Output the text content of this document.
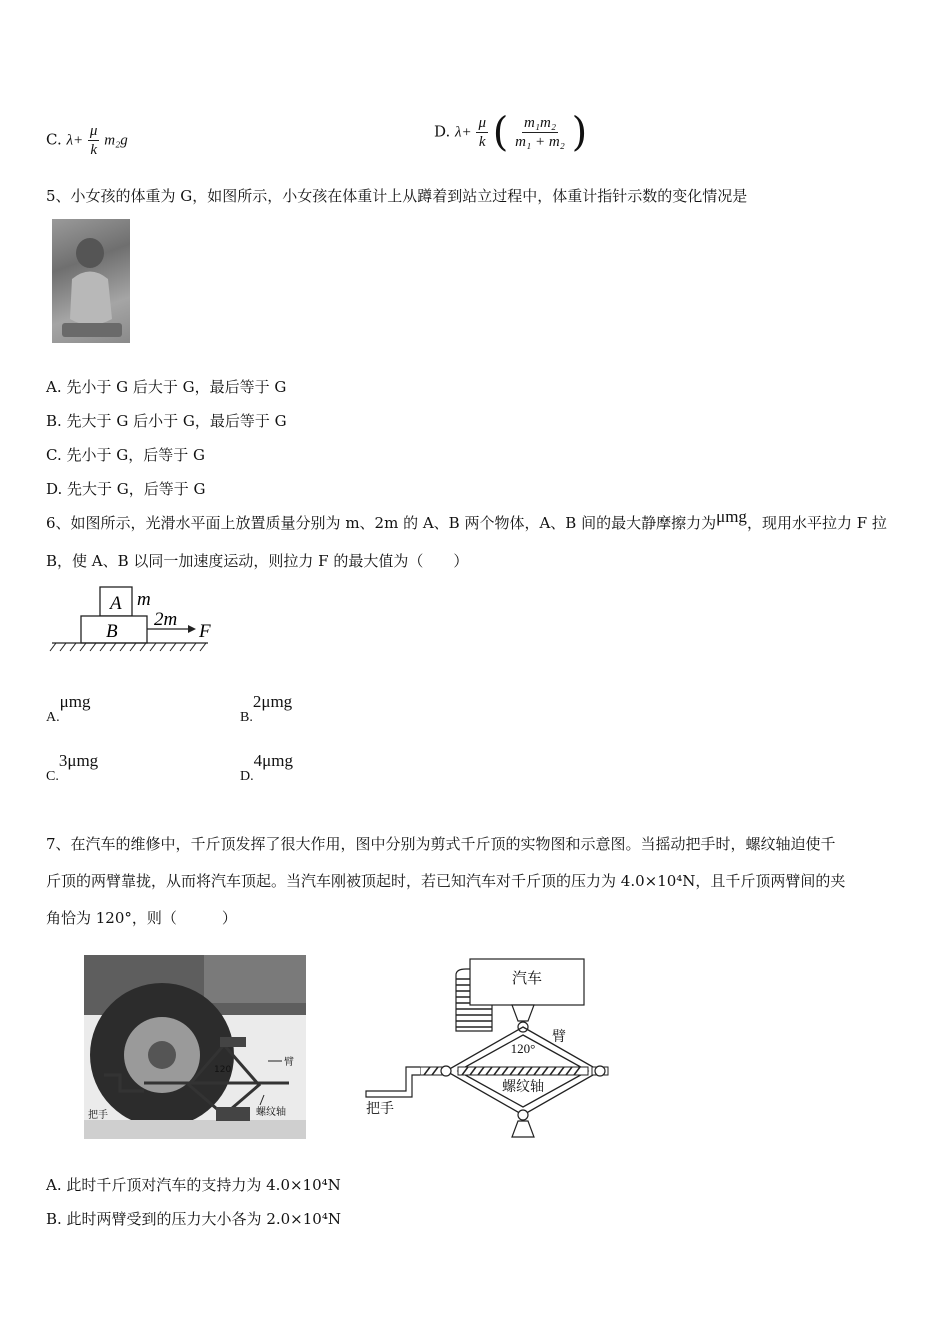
C. $\lambda+ \frac{\mu}{k} m_2g$	D. $\lambda+ \frac{\mu}{k}$ ( $\frac{\text{m₁m₂}}{\text{m₁ + m₂}}$ )
5、小女孩的体重为 G，如图所示，小女孩在体重计上从蹲着到站立过程中，体重计指针示数的变化情况是
A. 先小于 G 后大于 G，最后等于 G
B. 先大于 G 后小于 G，最后等于 G
C. 先小于 G，后等于 G
D. 先大于 G，后等于 G
6、如图所示，光滑水平面上放置质量分别为 m、2m 的 A、B 两个物体，A、B 间的最大静摩擦力为μmg，现用水平拉力 F 拉
B，使 A、B 以同一加速度运动，则拉力 F 的最大值为（　　）
A
B
m
2m
F
A.μmg
B.2μmg
C.3μmg
D.4μmg
7、在汽车的维修中，千斤顶发挥了很大作用，图中分别为剪式千斤顶的实物图和示意图。当摇动把手时，螺纹轴迫使千
斤顶的两臂靠拢，从而将汽车顶起。当汽车刚被顶起时，若已知汽车对千斤顶的压力为 4.0×10⁴N，且千斤顶两臂间的夹
角恰为 120°，则（　　　）
臂
120
螺纹轴
把手
汽车
120°
臂
螺纹轴
把手
A. 此时千斤顶对汽车的支持力为 4.0×10⁴N
B. 此时两臂受到的压力大小各为 2.0×10⁴N
